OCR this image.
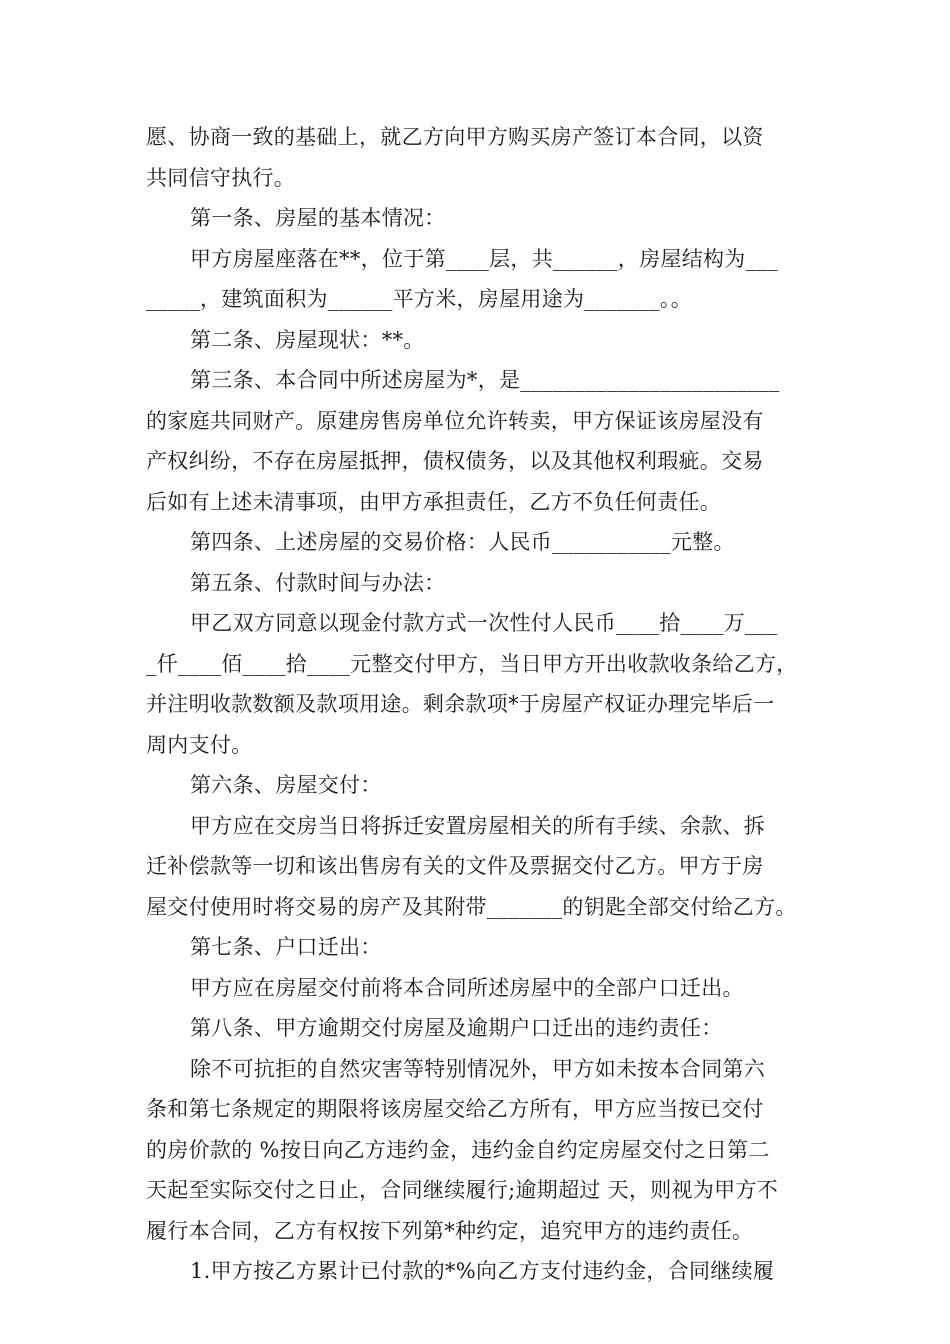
愿、协商一致的基础上，就乙方向甲方购买房产签订本合同，以资
共同信守执行。
第一条、房屋的基本情况：
甲方房屋座落在**，位于第____层，共______，房屋结构为___
_____，建筑面积为______平方米，房屋用途为_______。。
第二条、房屋现状：**。
第三条、本合同中所述房屋为*，是________________________
的家庭共同财产。原建房售房单位允许转卖，甲方保证该房屋没有
产权纠纷，不存在房屋抵押，债权债务，以及其他权利瑕疵。交易
后如有上述未清事项，由甲方承担责任，乙方不负任何责任。
第四条、上述房屋的交易价格：人民币___________元整。
第五条、付款时间与办法：
甲乙双方同意以现金付款方式一次性付人民币____拾____万___
_仟____佰____拾____元整交付甲方，当日甲方开出收款收条给乙方，
并注明收款数额及款项用途。剩余款项*于房屋产权证办理完毕后一
周内支付。
第六条、房屋交付：
甲方应在交房当日将拆迁安置房屋相关的所有手续、余款、拆
迁补偿款等一切和该出售房有关的文件及票据交付乙方。甲方于房
屋交付使用时将交易的房产及其附带_______的钥匙全部交付给乙方。
第七条、户口迁出：
甲方应在房屋交付前将本合同所述房屋中的全部户口迁出。
第八条、甲方逾期交付房屋及逾期户口迁出的违约责任：
除不可抗拒的自然灾害等特别情况外，甲方如未按本合同第六
条和第七条规定的期限将该房屋交给乙方所有，甲方应当按已交付
的房价款的 %按日向乙方违约金，违约金自约定房屋交付之日第二
天起至实际交付之日止，合同继续履行;逾期超过 天，则视为甲方不
履行本合同，乙方有权按下列第*种约定，追究甲方的违约责任。
1.甲方按乙方累计已付款的*%向乙方支付违约金，合同继续履
